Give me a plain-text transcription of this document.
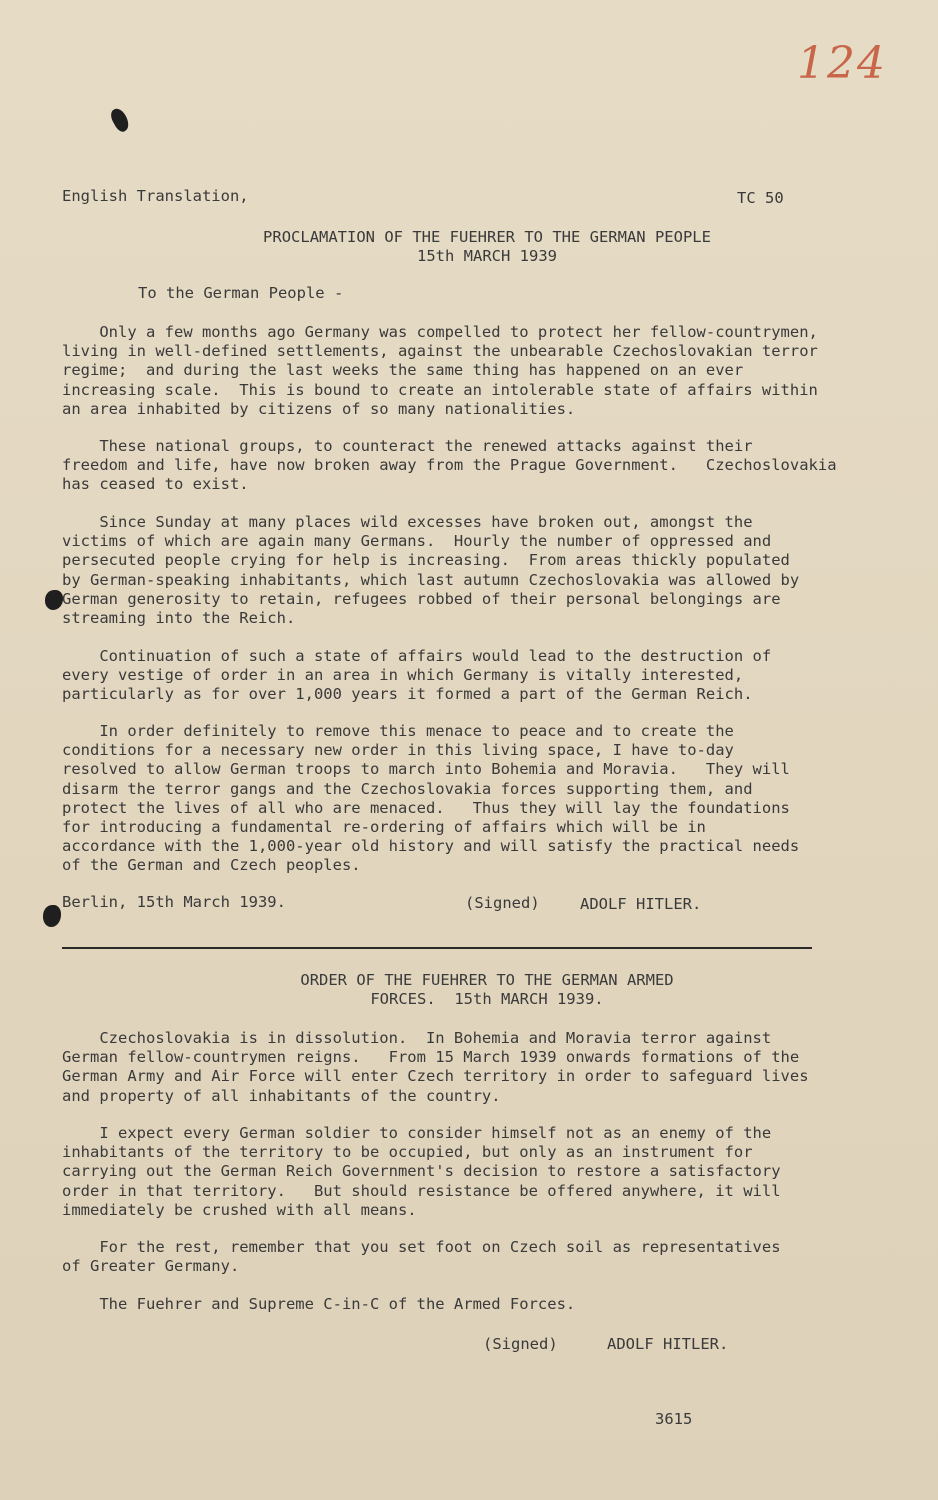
124
English Translation,	TC 50
PROCLAMATION OF THE FUEHRER TO THE GERMAN PEOPLE
15th MARCH 1939
To the German People -
Only a few months ago Germany was compelled to protect her fellow-countrymen,
living in well-defined settlements, against the unbearable Czechoslovakian terror
regime;  and during the last weeks the same thing has happened on an ever
increasing scale.  This is bound to create an intolerable state of affairs within
an area inhabited by citizens of so many nationalities.
These national groups, to counteract the renewed attacks against their
freedom and life, have now broken away from the Prague Government.   Czechoslovakia
has ceased to exist.
Since Sunday at many places wild excesses have broken out, amongst the
victims of which are again many Germans.  Hourly the number of oppressed and
persecuted people crying for help is increasing.  From areas thickly populated
by German-speaking inhabitants, which last autumn Czechoslovakia was allowed by
German generosity to retain, refugees robbed of their personal belongings are
streaming into the Reich.
Continuation of such a state of affairs would lead to the destruction of
every vestige of order in an area in which Germany is vitally interested,
particularly as for over 1,000 years it formed a part of the German Reich.
In order definitely to remove this menace to peace and to create the
conditions for a necessary new order in this living space, I have to-day
resolved to allow German troops to march into Bohemia and Moravia.   They will
disarm the terror gangs and the Czechoslovakia forces supporting them, and
protect the lives of all who are menaced.   Thus they will lay the foundations
for introducing a fundamental re-ordering of affairs which will be in
accordance with the 1,000-year old history and will satisfy the practical needs
of the German and Czech peoples.
Berlin, 15th March 1939.	(Signed)	ADOLF HITLER.
ORDER OF THE FUEHRER TO THE GERMAN ARMED
FORCES.  15th MARCH 1939.
Czechoslovakia is in dissolution.  In Bohemia and Moravia terror against
German fellow-countrymen reigns.   From 15 March 1939 onwards formations of the
German Army and Air Force will enter Czech territory in order to safeguard lives
and property of all inhabitants of the country.
I expect every German soldier to consider himself not as an enemy of the
inhabitants of the territory to be occupied, but only as an instrument for
carrying out the German Reich Government's decision to restore a satisfactory
order in that territory.   But should resistance be offered anywhere, it will
immediately be crushed with all means.
For the rest, remember that you set foot on Czech soil as representatives
of Greater Germany.
The Fuehrer and Supreme C-in-C of the Armed Forces.
(Signed)	ADOLF HITLER.
3615
